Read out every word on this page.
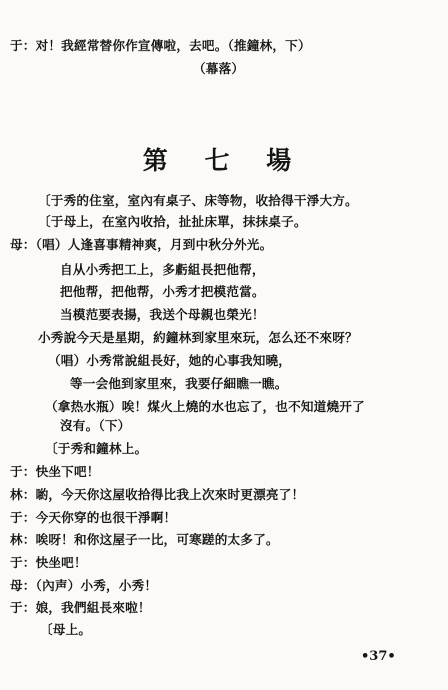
于：对！我經常替你作宣傳啦，去吧。（推鐘林，下）
（幕落）
第 七 場
〔于秀的住室，室內有桌子、床等物，收拾得干淨大方。
〔于母上，在室內收拾，扯扯床單，抹抹桌子。
母：（唱）人逢喜事精神爽，月到中秋分外光。
自从小秀把工上，多虧組長把他帮，
把他帮，把他帮，小秀才把模范當。
当模范要表揚，我送个母親也榮光！
小秀說今天是星期，約鐘林到家里來玩，怎么还不來呀？
（唱）小秀常說組長好，她的心事我知曉，
等一会他到家里來，我要仔細瞧一瞧。
（拿热水瓶）唉！煤火上燒的水也忘了，也不知道燒开了
沒有。（下）
〔于秀和鐘林上。
于：快坐下吧！
林：喲，今天你这屋收拾得比我上次來时更漂亮了！
于：今天你穿的也很干淨啊！
林：唉呀！和你这屋子一比，可寒蹉的太多了。
于：快坐吧！
母：（內声）小秀，小秀！
于：娘，我們組長來啦！
〔母上。
•37•
